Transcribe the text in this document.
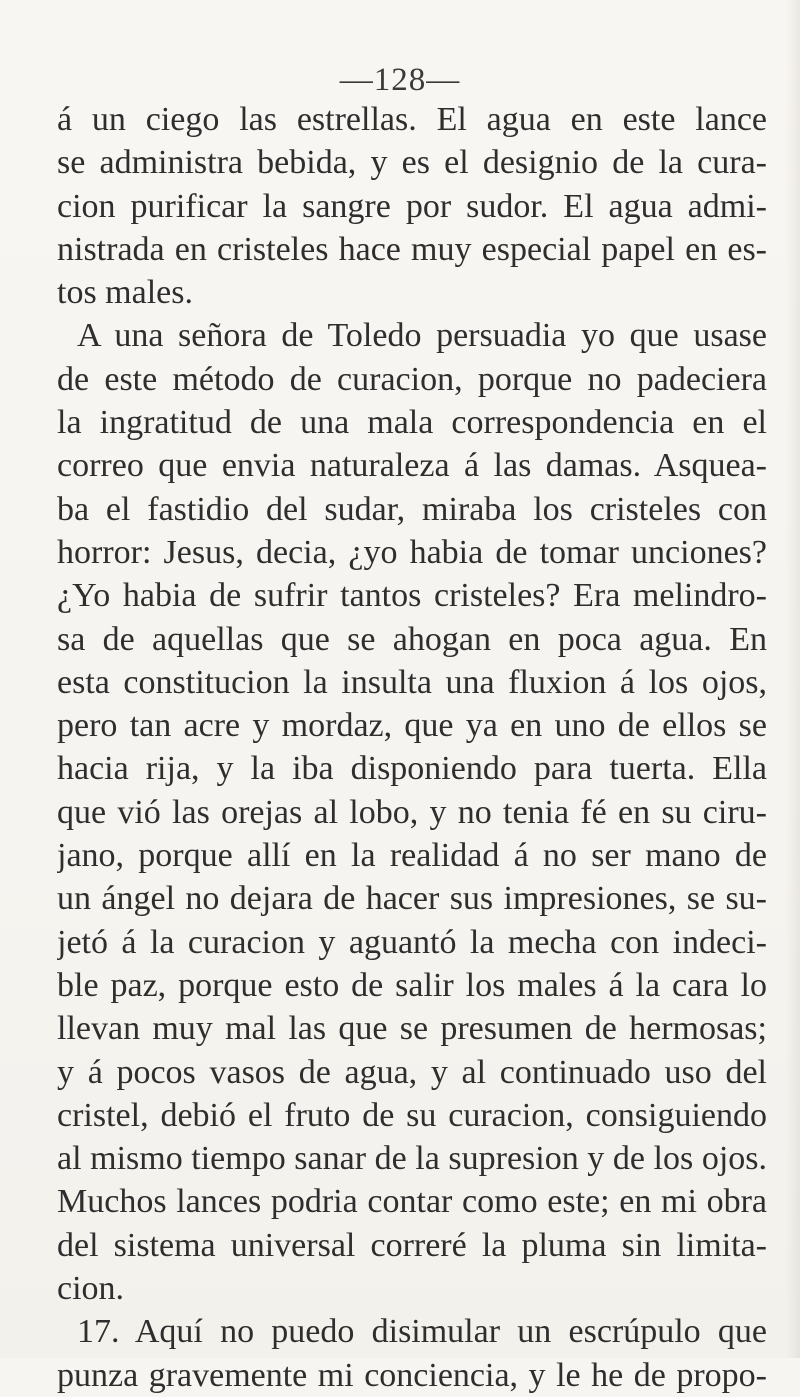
—128—
á un ciego las estrellas. El agua en este lance
se administra bebida, y es el designio de la cura-
cion purificar la sangre por sudor. El agua admi-
nistrada en cristeles hace muy especial papel en es-
tos males.
A una señora de Toledo persuadia yo que usase
de este método de curacion, porque no padeciera
la ingratitud de una mala correspondencia en el
correo que envia naturaleza á las damas. Asquea-
ba el fastidio del sudar, miraba los cristeles con
horror: Jesus, decia, ¿yo habia de tomar unciones?
¿Yo habia de sufrir tantos cristeles? Era melindro-
sa de aquellas que se ahogan en poca agua. En
esta constitucion la insulta una fluxion á los ojos,
pero tan acre y mordaz, que ya en uno de ellos se
hacia rija, y la iba disponiendo para tuerta. Ella
que vió las orejas al lobo, y no tenia fé en su ciru-
jano, porque allí en la realidad á no ser mano de
un ángel no dejara de hacer sus impresiones, se su-
jetó á la curacion y aguantó la mecha con indeci-
ble paz, porque esto de salir los males á la cara lo
llevan muy mal las que se presumen de hermosas;
y á pocos vasos de agua, y al continuado uso del
cristel, debió el fruto de su curacion, consiguiendo
al mismo tiempo sanar de la supresion y de los ojos.
Muchos lances podria contar como este; en mi obra
del sistema universal correré la pluma sin limita-
cion.
17. Aquí no puedo disimular un escrúpulo que
punza gravemente mi conciencia, y le he de propo-
